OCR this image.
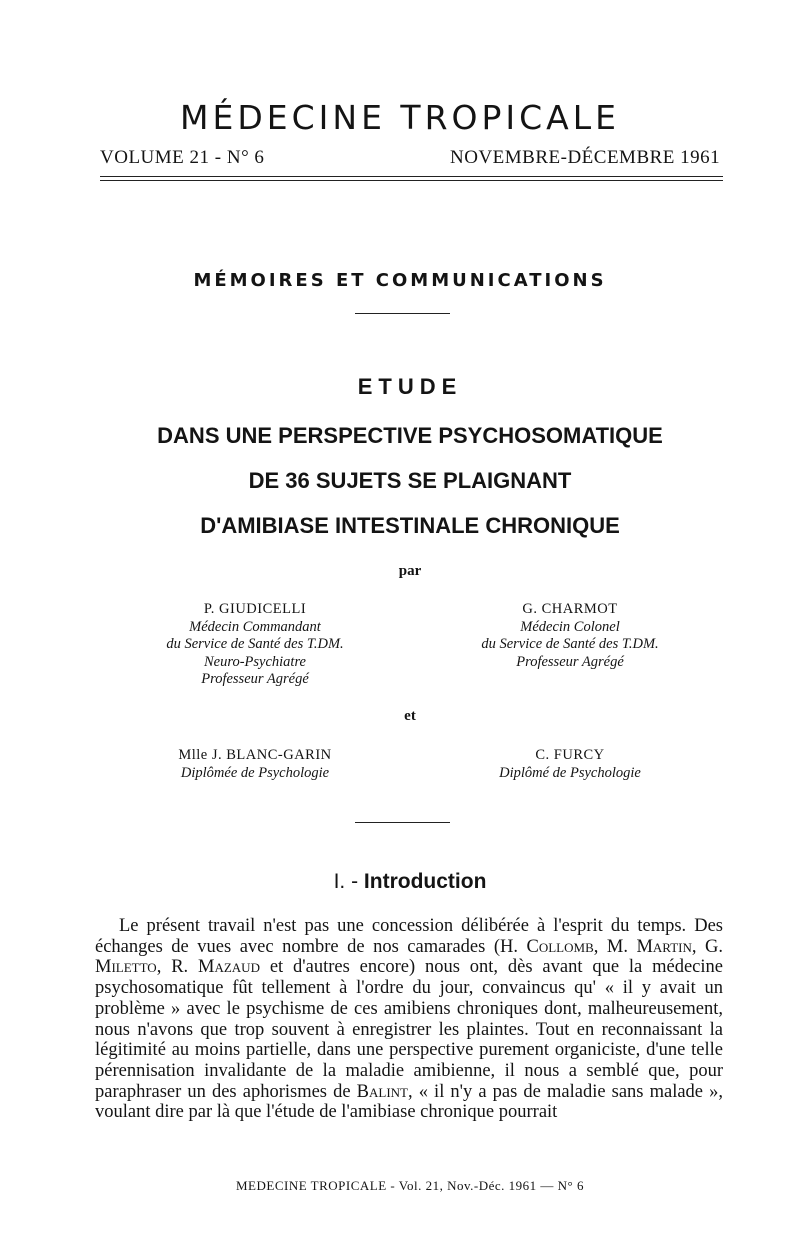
MÉDECINE TROPICALE
VOLUME 21 - N° 6	NOVEMBRE-DÉCEMBRE 1961
MÉMOIRES ET COMMUNICATIONS
ETUDE
DANS UNE PERSPECTIVE PSYCHOSOMATIQUE
DE 36 SUJETS SE PLAIGNANT
D'AMIBIASE INTESTINALE CHRONIQUE
par
P. GIUDICELLI
Médecin Commandant
du Service de Santé des T.DM.
Neuro-Psychiatre
Professeur Agrégé
G. CHARMOT
Médecin Colonel
du Service de Santé des T.DM.
Professeur Agrégé
et
Mlle J. BLANC-GARIN
Diplômée de Psychologie
C. FURCY
Diplômé de Psychologie
I. - Introduction
Le présent travail n'est pas une concession délibérée à l'esprit du temps. Des échanges de vues avec nombre de nos camarades (H. Collomb, M. Martin, G. Miletto, R. Mazaud et d'autres encore) nous ont, dès avant que la médecine psychosomatique fût tellement à l'ordre du jour, convaincus qu' « il y avait un problème » avec le psychisme de ces amibiens chroniques dont, malheureusement, nous n'avons que trop souvent à enregistrer les plaintes. Tout en reconnaissant la légitimité au moins partielle, dans une perspective purement organiciste, d'une telle pérennisation invalidante de la maladie amibienne, il nous a semblé que, pour paraphraser un des aphorismes de Balint, « il n'y a pas de maladie sans malade », voulant dire par là que l'étude de l'amibiase chronique pourrait
MEDECINE TROPICALE - Vol. 21, Nov.-Déc. 1961 — N° 6
